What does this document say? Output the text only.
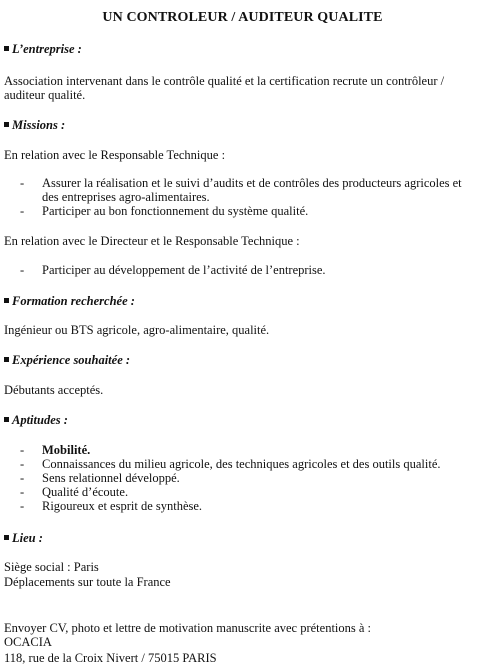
UN CONTROLEUR / AUDITEUR QUALITE
L’entreprise :
Association intervenant dans le contrôle qualité et la certification recrute un contrôleur /
auditeur qualité.
Missions :
En relation avec le Responsable Technique :
- Assurer la réalisation et le suivi d’audits et de contrôles des producteurs agricoles et
des entreprises agro-alimentaires.
- Participer au bon fonctionnement du système qualité.
En relation avec le Directeur et le Responsable Technique :
- Participer au développement de l’activité de l’entreprise.
Formation recherchée :
Ingénieur ou BTS agricole, agro-alimentaire, qualité.
Expérience souhaitée :
Débutants acceptés.
Aptitudes :
- Mobilité.
- Connaissances du milieu agricole, des techniques agricoles et des outils qualité.
- Sens relationnel développé.
- Qualité d’écoute.
- Rigoureux et esprit de synthèse.
Lieu :
Siège social : Paris
Déplacements sur toute la France
Envoyer CV, photo et lettre de motivation manuscrite avec prétentions à :
OCACIA
118, rue de la Croix Nivert / 75015 PARIS
